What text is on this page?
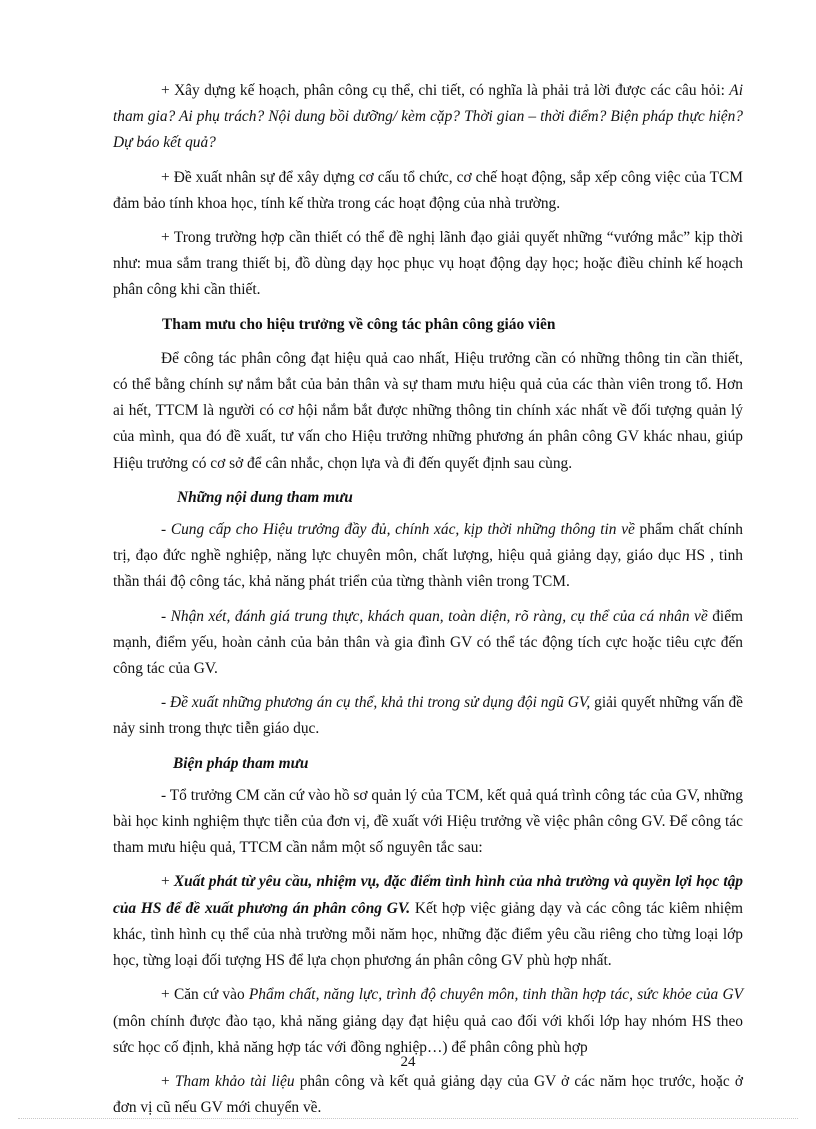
+ Xây dựng kế hoạch, phân công cụ thể, chi tiết, có nghĩa là phải trả lời được các câu hỏi: Ai tham gia? Ai phụ trách? Nội dung bồi dưỡng/ kèm cặp? Thời gian – thời điểm? Biện pháp thực hiện? Dự báo kết quả?

+ Đề xuất nhân sự để xây dựng cơ cấu tổ chức, cơ chế hoạt động, sắp xếp công việc của TCM đảm bảo tính khoa học, tính kế thừa trong các hoạt động của nhà trường.

+ Trong trường hợp cần thiết có thể đề nghị lãnh đạo giải quyết những “vướng mắc” kịp thời như: mua sắm trang thiết bị, đồ dùng dạy học phục vụ hoạt động dạy học; hoặc điều chỉnh kế hoạch phân công khi cần thiết.

Tham mưu cho hiệu trưởng về công tác phân công giáo viên

Để công tác phân công đạt hiệu quả cao nhất, Hiệu trưởng cần có những thông tin cần thiết, có thể bằng chính sự nắm bắt của bản thân và sự tham mưu hiệu quả của các thàn viên trong tổ. Hơn ai hết, TTCM là người có cơ hội nắm bắt được những thông tin chính xác nhất về đối tượng quản lý của mình, qua đó đề xuất, tư vấn cho Hiệu trưởng những phương án phân công GV khác nhau, giúp Hiệu trưởng có cơ sở để cân nhắc, chọn lựa và đi đến quyết định sau cùng.

Những nội dung tham mưu

- Cung cấp cho Hiệu trưởng đầy đủ, chính xác, kịp thời những thông tin về phẩm chất chính trị, đạo đức nghề nghiệp, năng lực chuyên môn, chất lượng, hiệu quả giảng dạy, giáo dục HS , tinh thần thái độ công tác, khả năng phát triển của từng thành viên trong TCM.

- Nhận xét, đánh giá trung thực, khách quan, toàn diện, rõ ràng, cụ thể của cá nhân về điểm mạnh, điểm yếu, hoàn cảnh của bản thân và gia đình GV có thể tác động tích cực hoặc tiêu cực đến công tác của GV.

- Đề xuất những phương án cụ thể, khả thi trong sử dụng đội ngũ GV, giải quyết những vấn đề nảy sinh trong thực tiễn giáo dục.

Biện pháp tham mưu

- Tổ trưởng CM căn cứ vào hồ sơ quản lý của TCM, kết quả quá trình công tác của GV, những bài học kinh nghiệm thực tiễn của đơn vị, đề xuất với Hiệu trưởng về việc phân công GV. Để công tác tham mưu hiệu quả, TTCM cần nắm một số nguyên tắc sau:

+ Xuất phát từ yêu cầu, nhiệm vụ, đặc điểm tình hình của nhà trường và quyền lợi học tập của HS để đề xuất phương án phân công GV. Kết hợp việc giảng dạy và các công tác kiêm nhiệm khác, tình hình cụ thể của nhà trường mỗi năm học, những đặc điểm yêu cầu riêng cho từng loại lớp học, từng loại đối tượng HS để lựa chọn phương án phân công GV phù hợp nhất.

+ Căn cứ vào Phẩm chất, năng lực, trình độ chuyên môn, tinh thần hợp tác, sức khỏe của GV (môn chính được đào tạo, khả năng giảng dạy đạt hiệu quả cao đối với khối lớp hay nhóm HS theo sức học cố định, khả năng hợp tác với đồng nghiệp…) để phân công phù hợp

+ Tham khảo tài liệu phân công và kết quả giảng dạy của GV ở các năm học trước, hoặc ở đơn vị cũ nếu GV mới chuyển về.

24
